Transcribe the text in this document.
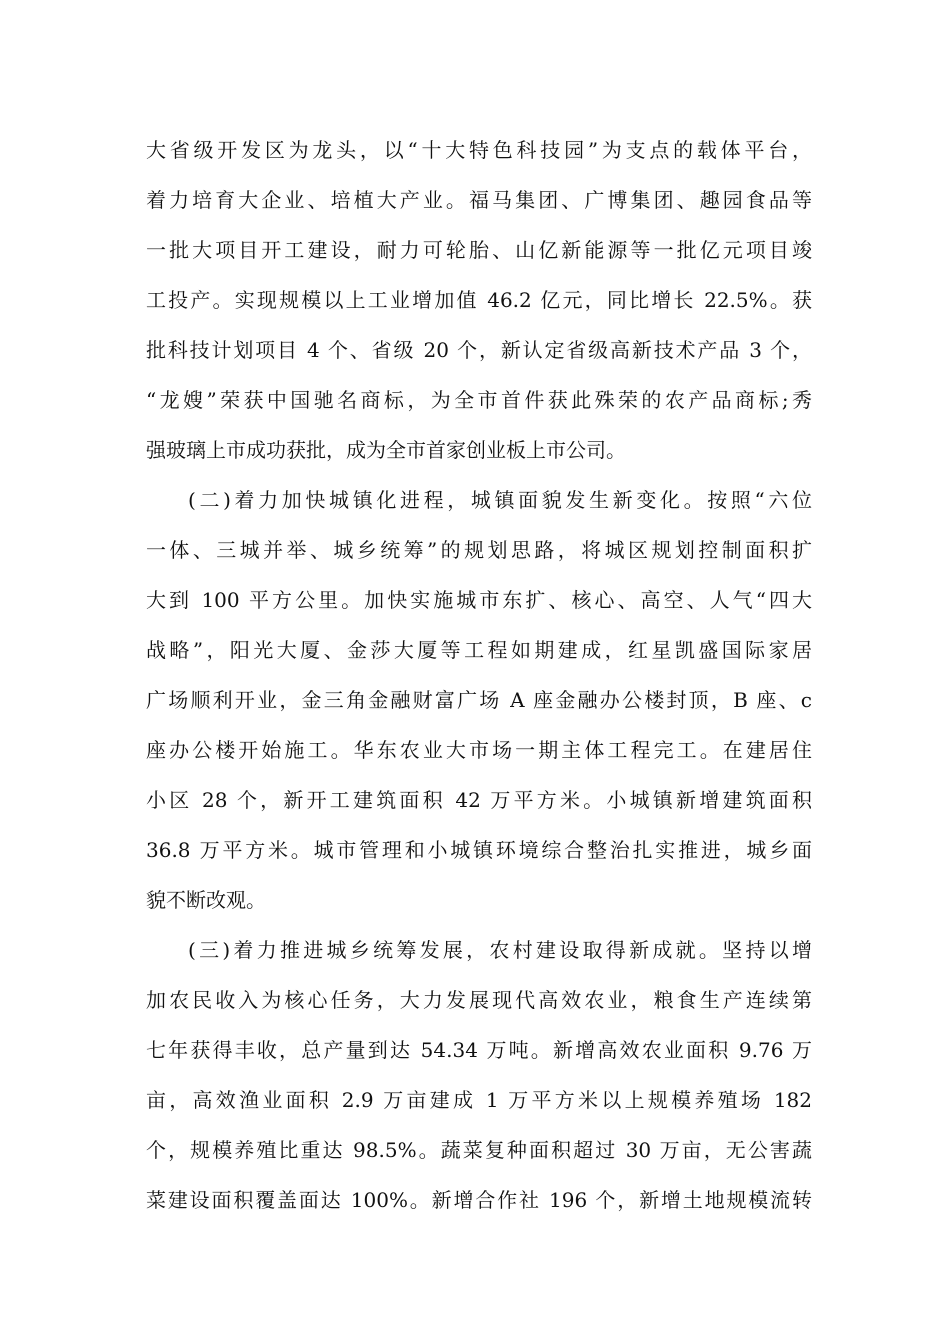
大省级开发区为龙头，以“十大特色科技园”为支点的载体平台，
着力培育大企业、培植大产业。福马集团、广博集团、趣园食品等
一批大项目开工建设，耐力可轮胎、山亿新能源等一批亿元项目竣
工投产。实现规模以上工业增加值 46.2 亿元，同比增长 22.5%。获
批科技计划项目 4 个、省级 20 个，新认定省级高新技术产品 3 个，
“龙嫂”荣获中国驰名商标，为全市首件获此殊荣的农产品商标;秀
强玻璃上市成功获批，成为全市首家创业板上市公司。
(二)着力加快城镇化进程，城镇面貌发生新变化。按照“六位
一体、三城并举、城乡统筹”的规划思路，将城区规划控制面积扩
大到 100 平方公里。加快实施城市东扩、核心、高空、人气“四大
战略”，阳光大厦、金莎大厦等工程如期建成，红星凯盛国际家居
广场顺利开业，金三角金融财富广场 A 座金融办公楼封顶，B 座、c
座办公楼开始施工。华东农业大市场一期主体工程完工。在建居住
小区 28 个，新开工建筑面积 42 万平方米。小城镇新增建筑面积
36.8 万平方米。城市管理和小城镇环境综合整治扎实推进，城乡面
貌不断改观。
(三)着力推进城乡统筹发展，农村建设取得新成就。坚持以增
加农民收入为核心任务，大力发展现代高效农业，粮食生产连续第
七年获得丰收，总产量到达 54.34 万吨。新增高效农业面积 9.76 万
亩，高效渔业面积 2.9 万亩建成 1 万平方米以上规模养殖场 182
个，规模养殖比重达 98.5%。蔬菜复种面积超过 30 万亩，无公害蔬
菜建设面积覆盖面达 100%。新增合作社 196 个，新增土地规模流转
